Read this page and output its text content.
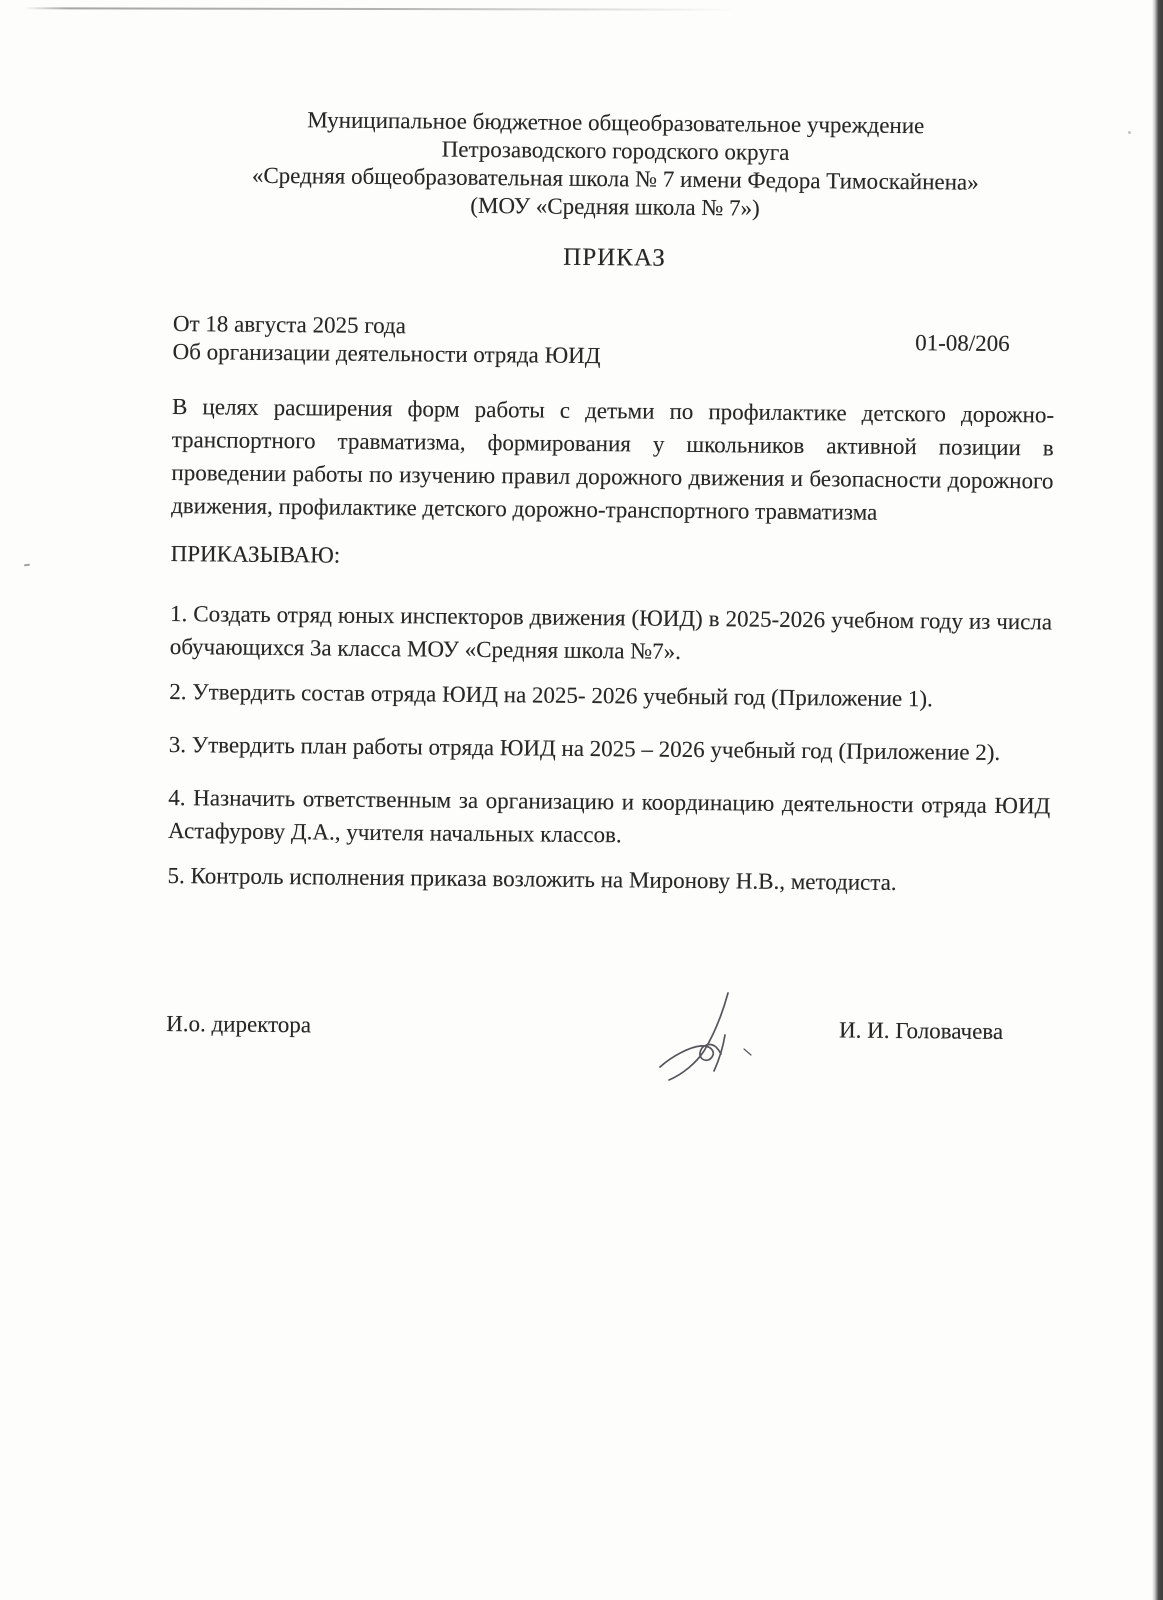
Муниципальное бюджетное общеобразовательное учреждение
Петрозаводского городского округа
«Средняя общеобразовательная школа № 7 имени Федора Тимоскайнена»
(МОУ «Средняя школа № 7»)
ПРИКАЗ
От 18 августа 2025 года
Об организации деятельности отряда ЮИД	01-08/206

В целях расширения форм работы с детьми по профилактике детского дорожно-транспортного травматизма, формирования у школьников активной позиции в проведении работы по изучению правил дорожного движения и безопасности дорожного движения, профилактике детского дорожно-транспортного травматизма

ПРИКАЗЫВАЮ:

1. Создать отряд юных инспекторов движения (ЮИД) в 2025-2026 учебном году из числа обучающихся 3а класса МОУ «Средняя школа №7».

2. Утвердить состав отряда ЮИД на 2025- 2026 учебный год (Приложение 1).

3. Утвердить план работы отряда ЮИД на 2025 – 2026 учебный год (Приложение 2).

4. Назначить ответственным за организацию и координацию деятельности отряда ЮИД Астафурову Д.А., учителя начальных классов.

5. Контроль исполнения приказа возложить на Миронову Н.В., методиста.

И.о. директора	И. И. Головачева
